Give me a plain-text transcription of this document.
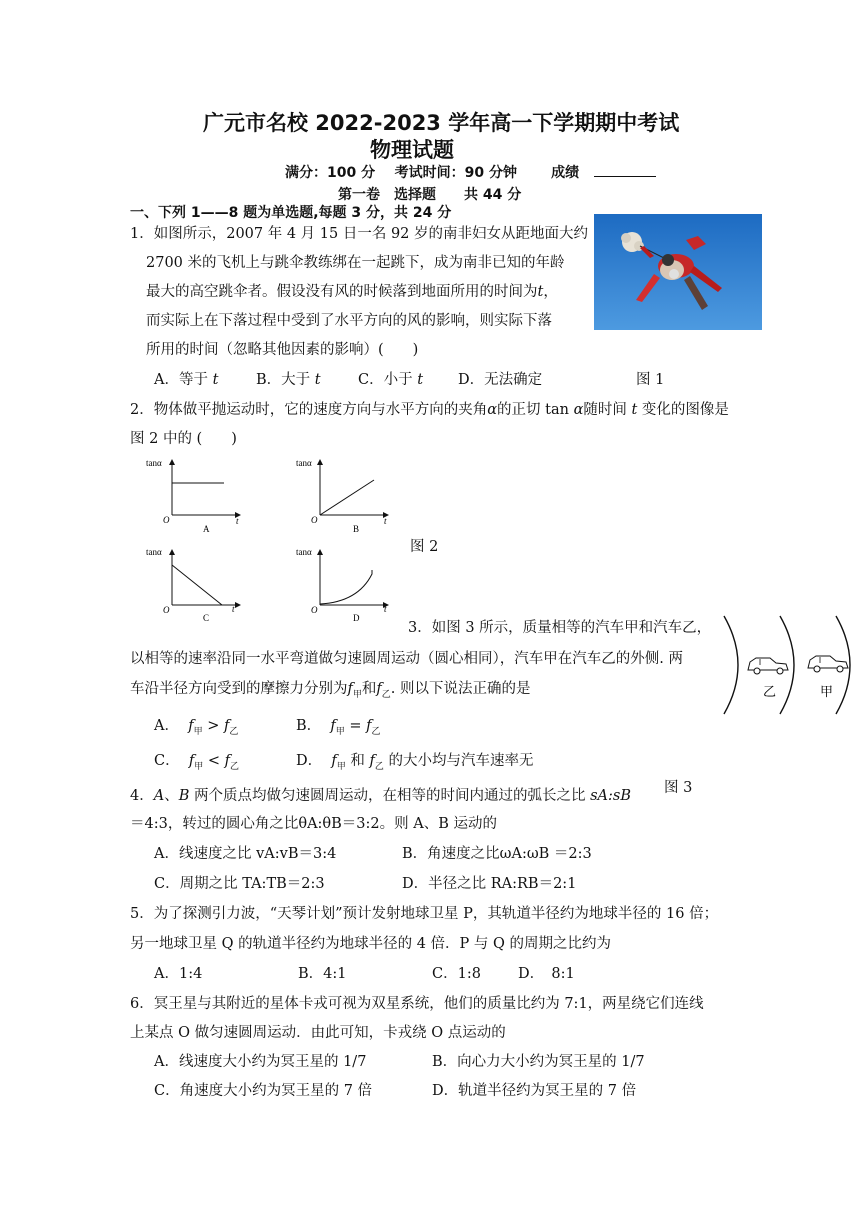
广元市名校 2022-2023 学年高一下学期期中考试
物理试题
满分：100 分 考试时间：90 分钟 成绩
第一卷　选择题　　共 44 分
一、下列 1——8 题为单选题,每题 3 分，共 24 分
1．如图所示，2007 年 4 月 15 日一名 92 岁的南非妇女从距地面大约
2700 米的飞机上与跳伞教练绑在一起跳下，成为南非已知的年龄
最大的高空跳伞者。假设没有风的时候落到地面所用的时间为t，
而实际上在下落过程中受到了水平方向的风的影响，则实际下落
所用的时间（忽略其他因素的影响）(　　)
A．等于 t	B．大于 t	C．小于 t D．无法确定	图 1
2．物体做平抛运动时，它的速度方向与水平方向的夹角α的正切 tan α随时间 t 变化的图像是
图 2 中的 (　　)
tanα
O	t
A
tanα
O	t
B
tanα
O	t
C
tanα
O	t
D
图 2
3．如图 3 所示，质量相等的汽车甲和汽车乙，
以相等的速率沿同一水平弯道做匀速圆周运动（圆心相同），汽车甲在汽车乙的外侧. 两
车沿半径方向受到的摩擦力分别为$f_甲$和$f_乙$. 则以下说法正确的是	乙	甲
A． $f_甲 > f_乙$	B． $f_甲 = f_乙$
C． $f_甲 < f_乙$	D． $f_甲$ 和 $f_乙$ 的大小均与汽车速率无
图 3
4．A、B 两个质点均做匀速圆周运动，在相等的时间内通过的弧长之比 sA:sB
＝4:3，转过的圆心角之比θA:θB＝3:2。则 A、B 运动的
A．线速度之比 vA:vB＝3:4	B．角速度之比ωA:ωB ＝2:3
C．周期之比 TA:TB＝2:3	D．半径之比 RA:RB＝2:1
5．为了探测引力波，“天琴计划”预计发射地球卫星 P，其轨道半径约为地球半径的 16 倍；
另一地球卫星 Q 的轨道半径约为地球半径的 4 倍．P 与 Q 的周期之比约为
A．1:4	B．4:1	C．1:8	D．　8:1
6．冥王星与其附近的星体卡戎可视为双星系统，他们的质量比约为 7:1，两星绕它们连线
上某点 O 做匀速圆周运动．由此可知，卡戎绕 O 点运动的
A．线速度大小约为冥王星的 1/7	B．向心力大小约为冥王星的 1/7
C．角速度大小约为冥王星的 7 倍	D．轨道半径约为冥王星的 7 倍
